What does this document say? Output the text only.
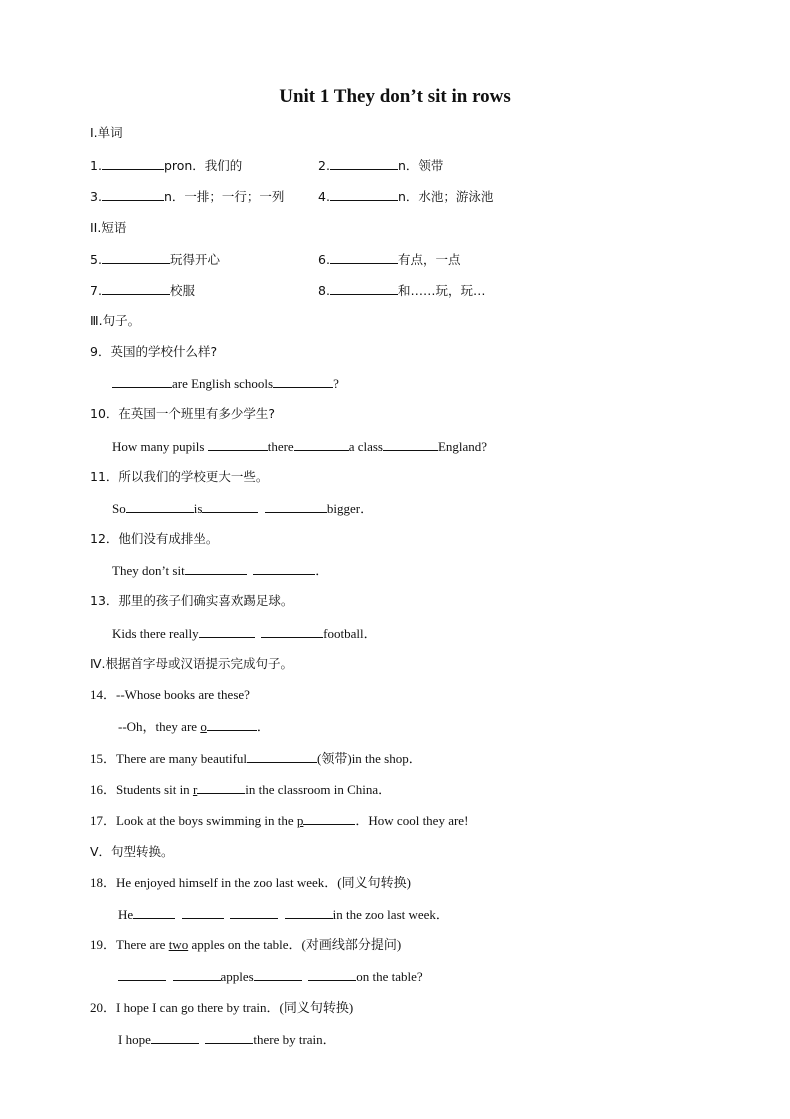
Unit 1 They don’t sit in rows
I.单词
1.	pron．我们的	2.	n．领带
3.	n．一排；一行；一列	4.	n．水池；游泳池
II.短语
5.	玩得开心	6.	有点，一点
7.	校服	8.	和……玩，玩…
Ⅲ.句子。
9．英国的学校什么样?
are English schools	?
10．在英国一个班里有多少学生?
How many pupils	there	a class	England?
11．所以我们的学校更大一些。
So	is	bigger．
12．他们没有成排坐。
They don’t sit	．
13．那里的孩子们确实喜欢踢足球。
Kids there really	football．
Ⅳ.根据首字母或汉语提示完成句子。
14．--Whose books are these?
--Oh，they are o	．
15．There are many beautiful	(领带)in the shop．
16．Students sit in r	in the classroom in China．
17．Look at the boys swimming in the p	．How cool they are!
V．句型转换。
18．He enjoyed himself in the zoo last week．(同义句转换)
He	in the zoo last week．
19．There are two apples on the table．(对画线部分提问)
apples	on the table?
20．I hope I can go there by train．(同义句转换)
I hope	there by train．
